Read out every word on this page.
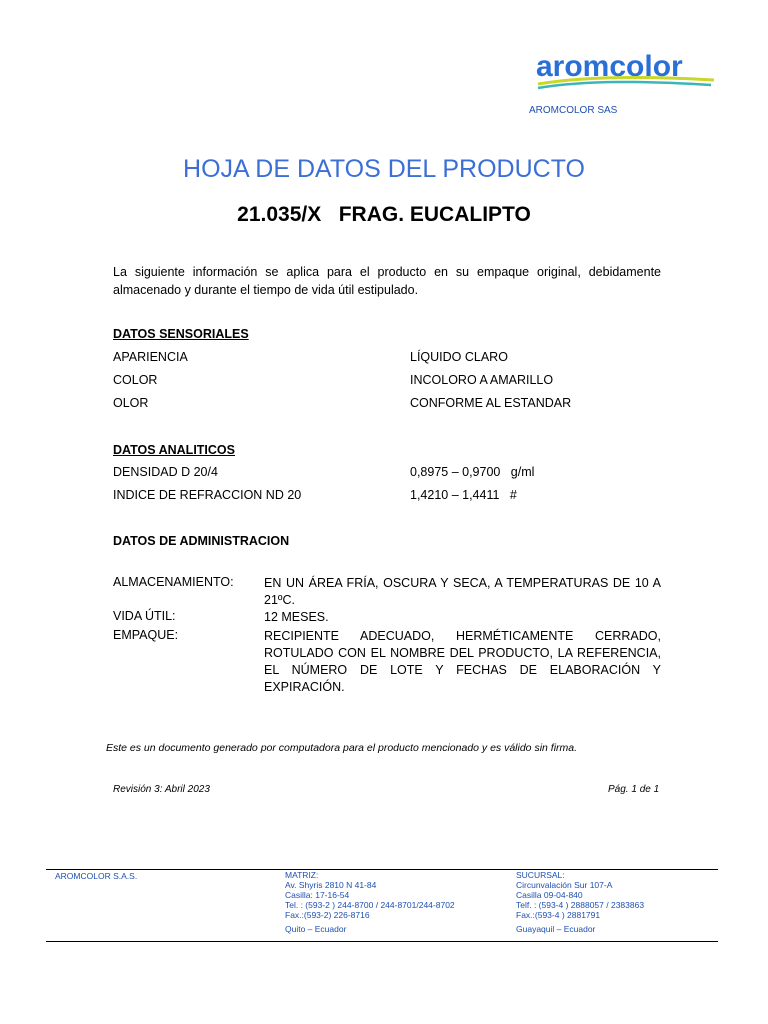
aromcolor
AROMCOLOR SAS
HOJA DE DATOS DEL PRODUCTO
21.035/X   FRAG. EUCALIPTO
La siguiente información se aplica para el producto en su empaque original, debidamente almacenado y durante el tiempo de vida útil estipulado.
DATOS SENSORIALES
APARIENCIA	LÍQUIDO CLARO
COLOR	INCOLORO A AMARILLO
OLOR	CONFORME AL ESTANDAR
DATOS ANALITICOS
DENSIDAD D 20/4	0,8975 – 0,9700   g/ml
INDICE DE REFRACCION ND 20	1,4210 – 1,4411   #
DATOS DE ADMINISTRACION
ALMACENAMIENTO: EN UN ÁREA FRÍA, OSCURA Y SECA, A TEMPERATURAS DE 10 A 21ºC.
VIDA ÚTIL:	12 MESES.
EMPAQUE:	RECIPIENTE ADECUADO, HERMÉTICAMENTE CERRADO, ROTULADO CON EL NOMBRE DEL PRODUCTO, LA REFERENCIA, EL NÚMERO DE LOTE Y FECHAS DE ELABORACIÓN Y EXPIRACIÓN.
Este es un documento generado por computadora para el producto mencionado y es válido sin firma.
Revisión 3: Abril 2023	Pág. 1 de 1
AROMCOLOR S.A.S.	MATRIZ:
Av. Shyris 2810 N 41-84
Casilla: 17-16-54
Tel. : (593-2 ) 244-8700 / 244-8701/244-8702
Fax.:(593-2) 226-8716
Quito – Ecuador
SUCURSAL:
Circunvalación Sur 107-A
Casilla 09-04-840
Telf. : (593-4 ) 2888057 / 2383863
Fax.:(593-4 ) 2881791
Guayaquil – Ecuador
